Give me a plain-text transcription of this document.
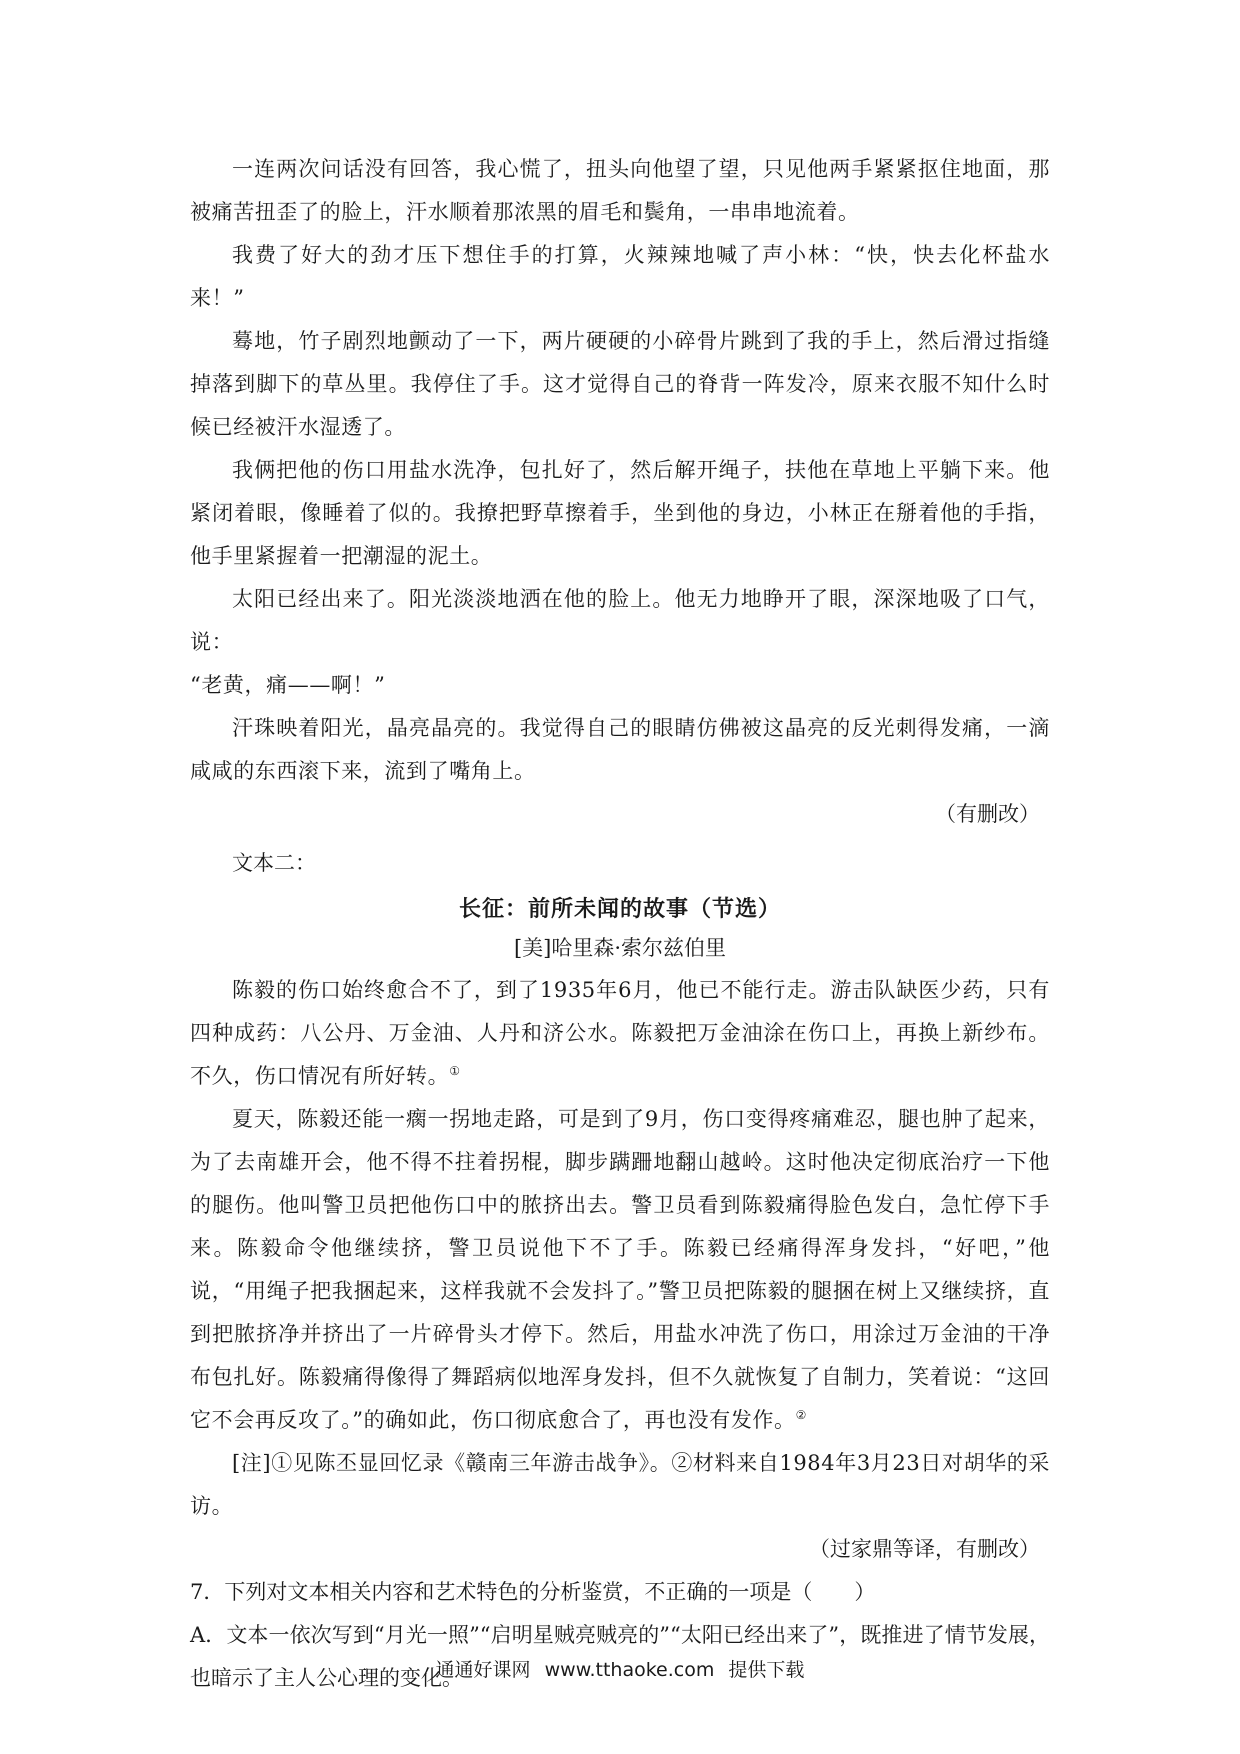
一连两次问话没有回答，我心慌了，扭头向他望了望，只见他两手紧紧抠住地面，那被痛苦扭歪了的脸上，汗水顺着那浓黑的眉毛和鬓角，一串串地流着。

我费了好大的劲才压下想住手的打算，火辣辣地喊了声小林：“快，快去化杯盐水来！”

蓦地，竹子剧烈地颤动了一下，两片硬硬的小碎骨片跳到了我的手上，然后滑过指缝掉落到脚下的草丛里。我停住了手。这才觉得自己的脊背一阵发冷，原来衣服不知什么时候已经被汗水湿透了。

我俩把他的伤口用盐水洗净，包扎好了，然后解开绳子，扶他在草地上平躺下来。他紧闭着眼，像睡着了似的。我撩把野草擦着手，坐到他的身边，小林正在掰着他的手指，他手里紧握着一把潮湿的泥土。

太阳已经出来了。阳光淡淡地洒在他的脸上。他无力地睁开了眼，深深地吸了口气，说：

“老黄，痛——啊！”

汗珠映着阳光，晶亮晶亮的。我觉得自己的眼睛仿佛被这晶亮的反光刺得发痛，一滴咸咸的东西滚下来，流到了嘴角上。

（有删改）

文本二：

长征：前所未闻的故事（节选）

[美]哈里森·索尔兹伯里

陈毅的伤口始终愈合不了，到了1935年6月，他已不能行走。游击队缺医少药，只有四种成药：八公丹、万金油、人丹和济公水。陈毅把万金油涂在伤口上，再换上新纱布。不久，伤口情况有所好转。①

夏天，陈毅还能一瘸一拐地走路，可是到了9月，伤口变得疼痛难忍，腿也肿了起来，为了去南雄开会，他不得不拄着拐棍，脚步蹒跚地翻山越岭。这时他决定彻底治疗一下他的腿伤。他叫警卫员把他伤口中的脓挤出去。警卫员看到陈毅痛得脸色发白，急忙停下手来。陈毅命令他继续挤，警卫员说他下不了手。陈毅已经痛得浑身发抖，“好吧，”他说，“用绳子把我捆起来，这样我就不会发抖了。”警卫员把陈毅的腿捆在树上又继续挤，直到把脓挤净并挤出了一片碎骨头才停下。然后，用盐水冲洗了伤口，用涂过万金油的干净布包扎好。陈毅痛得像得了舞蹈病似地浑身发抖，但不久就恢复了自制力，笑着说：“这回它不会再反攻了。”的确如此，伤口彻底愈合了，再也没有发作。②

[注]①见陈丕显回忆录《赣南三年游击战争》。②材料来自1984年3月23日对胡华的采访。

（过家鼎等译，有删改）

7．下列对文本相关内容和艺术特色的分析鉴赏，不正确的一项是（　　）

A．文本一依次写到“月光一照”“启明星贼亮贼亮的”“太阳已经出来了”，既推进了情节发展，也暗示了主人公心理的变化。

通通好课网 www.tthaoke.com 提供下载
